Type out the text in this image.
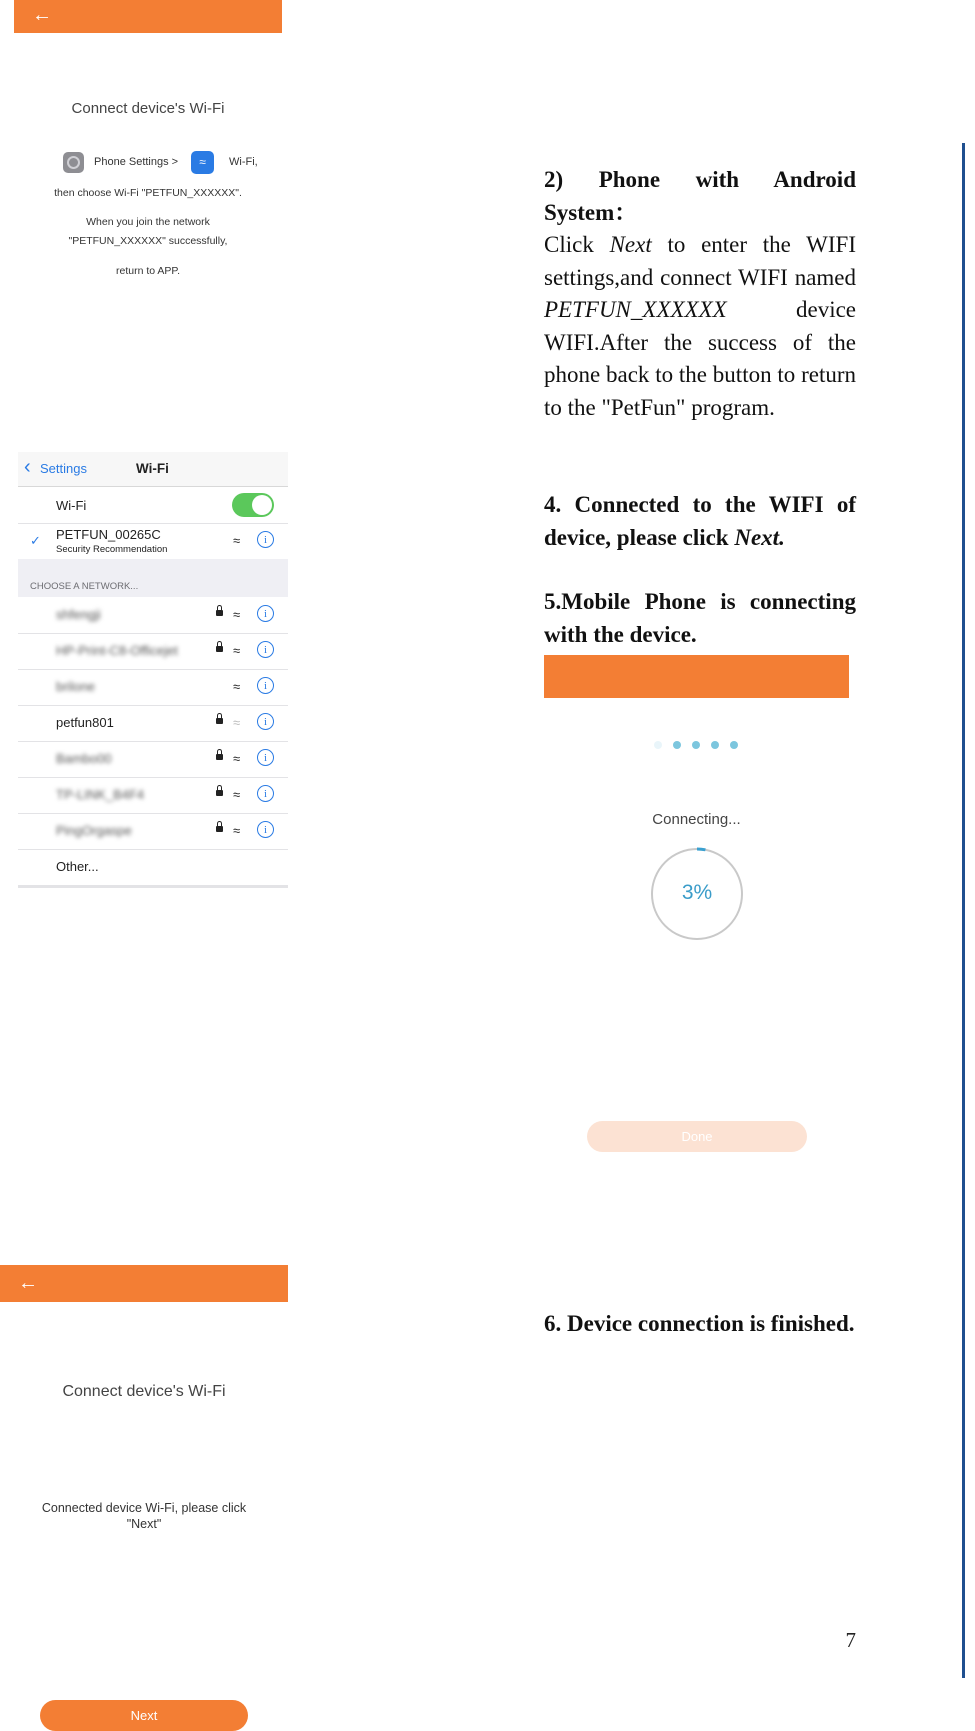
←
Connect device's Wi-Fi
Phone Settings >	≈	Wi-Fi,
then choose Wi-Fi "PETFUN_XXXXXX".
When you join the network
"PETFUN_XXXXXX" successfully,
return to APP.
‹ Settings	Wi-Fi
Wi-Fi
✓ PETFUN_00265C
Security Recommendation
≈	i
CHOOSE A NETWORK...
shfengji	≈	i
HP-Print-C8-Officejet	≈	i
brilone	≈	i
petfun801	≈	i
Bambo00	≈	i
TP-LINK_B4F4	≈	i
PingOrgaspe	≈	i
Other...
2) Phone with Android System：
Click Next to enter the WIFI settings,and connect WIFI named PETFUN_XXXXXX device WIFI.After the success of the phone back to the button to return to the "PetFun" program.
4. Connected to the WIFI of device, please click Next.
5.Mobile Phone is connecting with the device.
Connecting...
3%
Done
6. Device connection is finished.
←
Connect device's Wi-Fi
Connected device Wi-Fi, please click
"Next"
Next
7
